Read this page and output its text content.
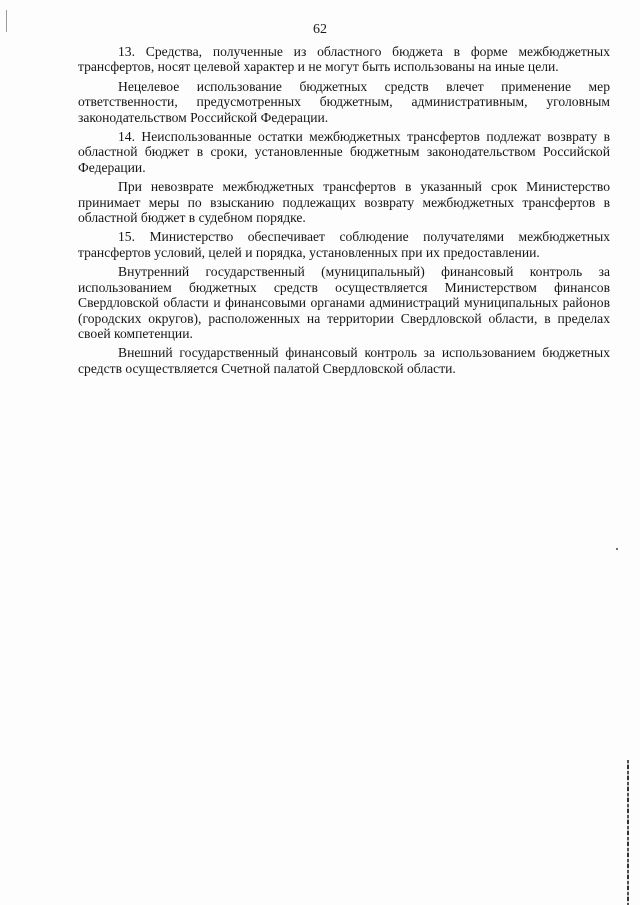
62

13. Средства, полученные из областного бюджета в форме межбюджетных трансфертов, носят целевой характер и не могут быть использованы на иные цели.

Нецелевое использование бюджетных средств влечет применение мер ответственности, предусмотренных бюджетным, административным, уголовным законодательством Российской Федерации.

14. Неиспользованные остатки межбюджетных трансфертов подлежат возврату в областной бюджет в сроки, установленные бюджетным законодательством Российской Федерации.

При невозврате межбюджетных трансфертов в указанный срок Министерство принимает меры по взысканию подлежащих возврату межбюджетных трансфертов в областной бюджет в судебном порядке.

15. Министерство обеспечивает соблюдение получателями межбюджетных трансфертов условий, целей и порядка, установленных при их предоставлении.

Внутренний государственный (муниципальный) финансовый контроль за использованием бюджетных средств осуществляется Министерством финансов Свердловской области и финансовыми органами администраций муниципальных районов (городских округов), расположенных на территории Свердловской области, в пределах своей компетенции.

Внешний государственный финансовый контроль за использованием бюджетных средств осуществляется Счетной палатой Свердловской области.
